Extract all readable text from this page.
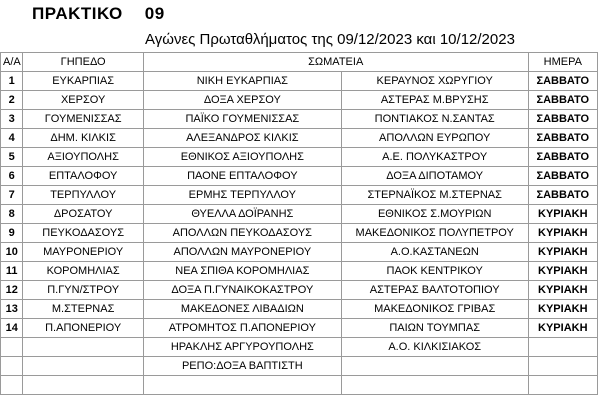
ΠΡΑΚΤΙΚΟ 09
Αγώνες Πρωταθλήματος της 09/12/2023 και 10/12/2023
Α/Α	ΓΗΠΕΔΟ	ΣΩΜΑΤΕΙΑ		ΗΜΕΡΑ
1	ΕΥΚΑΡΠΙΑΣ	ΝΙΚΗ ΕΥΚΑΡΠΙΑΣ	ΚΕΡΑΥΝΟΣ ΧΩΡΥΓΙΟΥ	ΣΑΒΒΑΤΟ
2	ΧΕΡΣΟΥ	ΔΟΞΑ ΧΕΡΣΟΥ	ΑΣΤΕΡΑΣ Μ.ΒΡΥΣΗΣ	ΣΑΒΒΑΤΟ
3	ΓΟΥΜΕΝΙΣΣΑΣ	ΠΑΪΚΟ ΓΟΥΜΕΝΙΣΣΑΣ	ΠΟΝΤΙΑΚΟΣ Ν.ΣΑΝΤΑΣ	ΣΑΒΒΑΤΟ
4	ΔΗΜ. ΚΙΛΚΙΣ	ΑΛΕΞΑΝΔΡΟΣ ΚΙΛΚΙΣ	ΑΠΟΛΛΩΝ ΕΥΡΩΠΟΥ	ΣΑΒΒΑΤΟ
5	ΑΞΙΟΥΠΟΛΗΣ	ΕΘΝΙΚΟΣ ΑΞΙΟΥΠΟΛΗΣ	Α.Ε. ΠΟΛΥΚΑΣΤΡΟΥ	ΣΑΒΒΑΤΟ
6	ΕΠΤΑΛΟΦΟΥ	ΠΑΟΝΕ ΕΠΤΑΛΟΦΟΥ	ΔΟΞΑ ΔΙΠΟΤΑΜΟΥ	ΣΑΒΒΑΤΟ
7	ΤΕΡΠΥΛΛΟΥ	ΕΡΜΗΣ ΤΕΡΠΥΛΛΟΥ	ΣΤΕΡΝΑΪΚΟΣ Μ.ΣΤΕΡΝΑΣ	ΣΑΒΒΑΤΟ
8	ΔΡΟΣΑΤΟΥ	ΘΥΕΛΛΑ ΔΟΪΡΑΝΗΣ	ΕΘΝΙΚΟΣ Σ.ΜΟΥΡΙΩΝ	ΚΥΡΙΑΚΗ
9	ΠΕΥΚΟΔΑΣΟΥΣ	ΑΠΟΛΛΩΝ ΠΕΥΚΟΔΑΣΟΥΣ	ΜΑΚΕΔΟΝΙΚΟΣ ΠΟΛΥΠΕΤΡΟΥ	ΚΥΡΙΑΚΗ
10	ΜΑΥΡΟΝΕΡΙΟΥ	ΑΠΟΛΛΩΝ ΜΑΥΡΟΝΕΡΙΟΥ	Α.Ο.ΚΑΣΤΑΝΕΩΝ	ΚΥΡΙΑΚΗ
11	ΚΟΡΟΜΗΛΙΑΣ	ΝΕΑ ΣΠΙΘΑ ΚΟΡΟΜΗΛΙΑΣ	ΠΑΟΚ ΚΕΝΤΡΙΚΟΥ	ΚΥΡΙΑΚΗ
12	Π.ΓΥΝ/ΣΤΡΟΥ	ΔΟΞΑ Π.ΓΥΝΑΙΚΟΚΑΣΤΡΟΥ	ΑΣΤΕΡΑΣ ΒΑΛΤΟΤΟΠΙΟΥ	ΚΥΡΙΑΚΗ
13	Μ.ΣΤΕΡΝΑΣ	ΜΑΚΕΔΟΝΕΣ ΛΙΒΑΔΙΩΝ	ΜΑΚΕΔΟΝΙΚΟΣ ΓΡΙΒΑΣ	ΚΥΡΙΑΚΗ
14	Π.ΑΠΟΝΕΡΙΟΥ	ΑΤΡΟΜΗΤΟΣ Π.ΑΠΟΝΕΡΙΟΥ	ΠΑΙΩΝ ΤΟΥΜΠΑΣ	ΚΥΡΙΑΚΗ
		ΗΡΑΚΛΗΣ ΑΡΓΥΡΟΥΠΟΛΗΣ	Α.Ο. ΚΙΛΚΙΣΙΑΚΟΣ	
		ΡΕΠΟ:ΔΟΞΑ ΒΑΠΤΙΣΤΗ		
